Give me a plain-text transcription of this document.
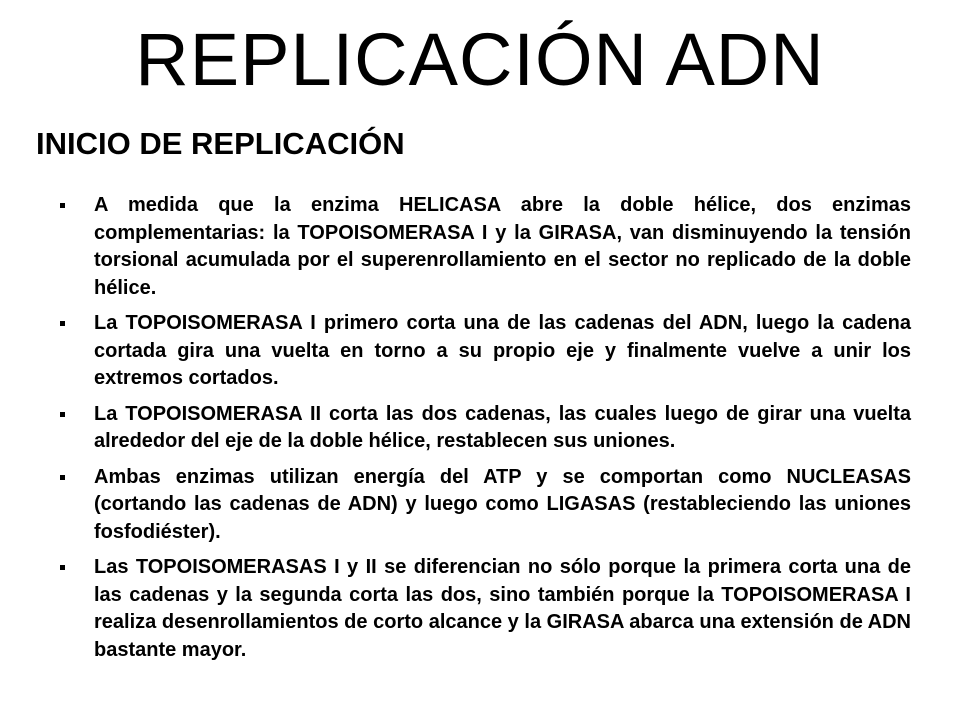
REPLICACIÓN ADN
INICIO DE REPLICACIÓN
A medida que la enzima HELICASA abre la doble hélice, dos enzimas complementarias: la TOPOISOMERASA I y la GIRASA, van disminuyendo la tensión torsional acumulada por el superenrollamiento en el sector no replicado de la doble hélice.
La TOPOISOMERASA I primero corta una de las cadenas del ADN, luego la cadena cortada gira una vuelta en torno a su propio eje y finalmente vuelve a unir los extremos cortados.
La TOPOISOMERASA II corta las dos cadenas, las cuales luego de girar una vuelta alrededor del eje de la doble hélice, restablecen sus uniones.
Ambas enzimas utilizan energía del ATP y se comportan como NUCLEASAS (cortando las cadenas de ADN) y luego como LIGASAS (restableciendo las uniones fosfodiéster).
Las TOPOISOMERASAS I y II se diferencian no sólo porque la primera corta una de las cadenas y la segunda corta las dos, sino también porque la TOPOISOMERASA I realiza desenrollamientos de corto alcance y la GIRASA abarca una extensión de ADN bastante mayor.
